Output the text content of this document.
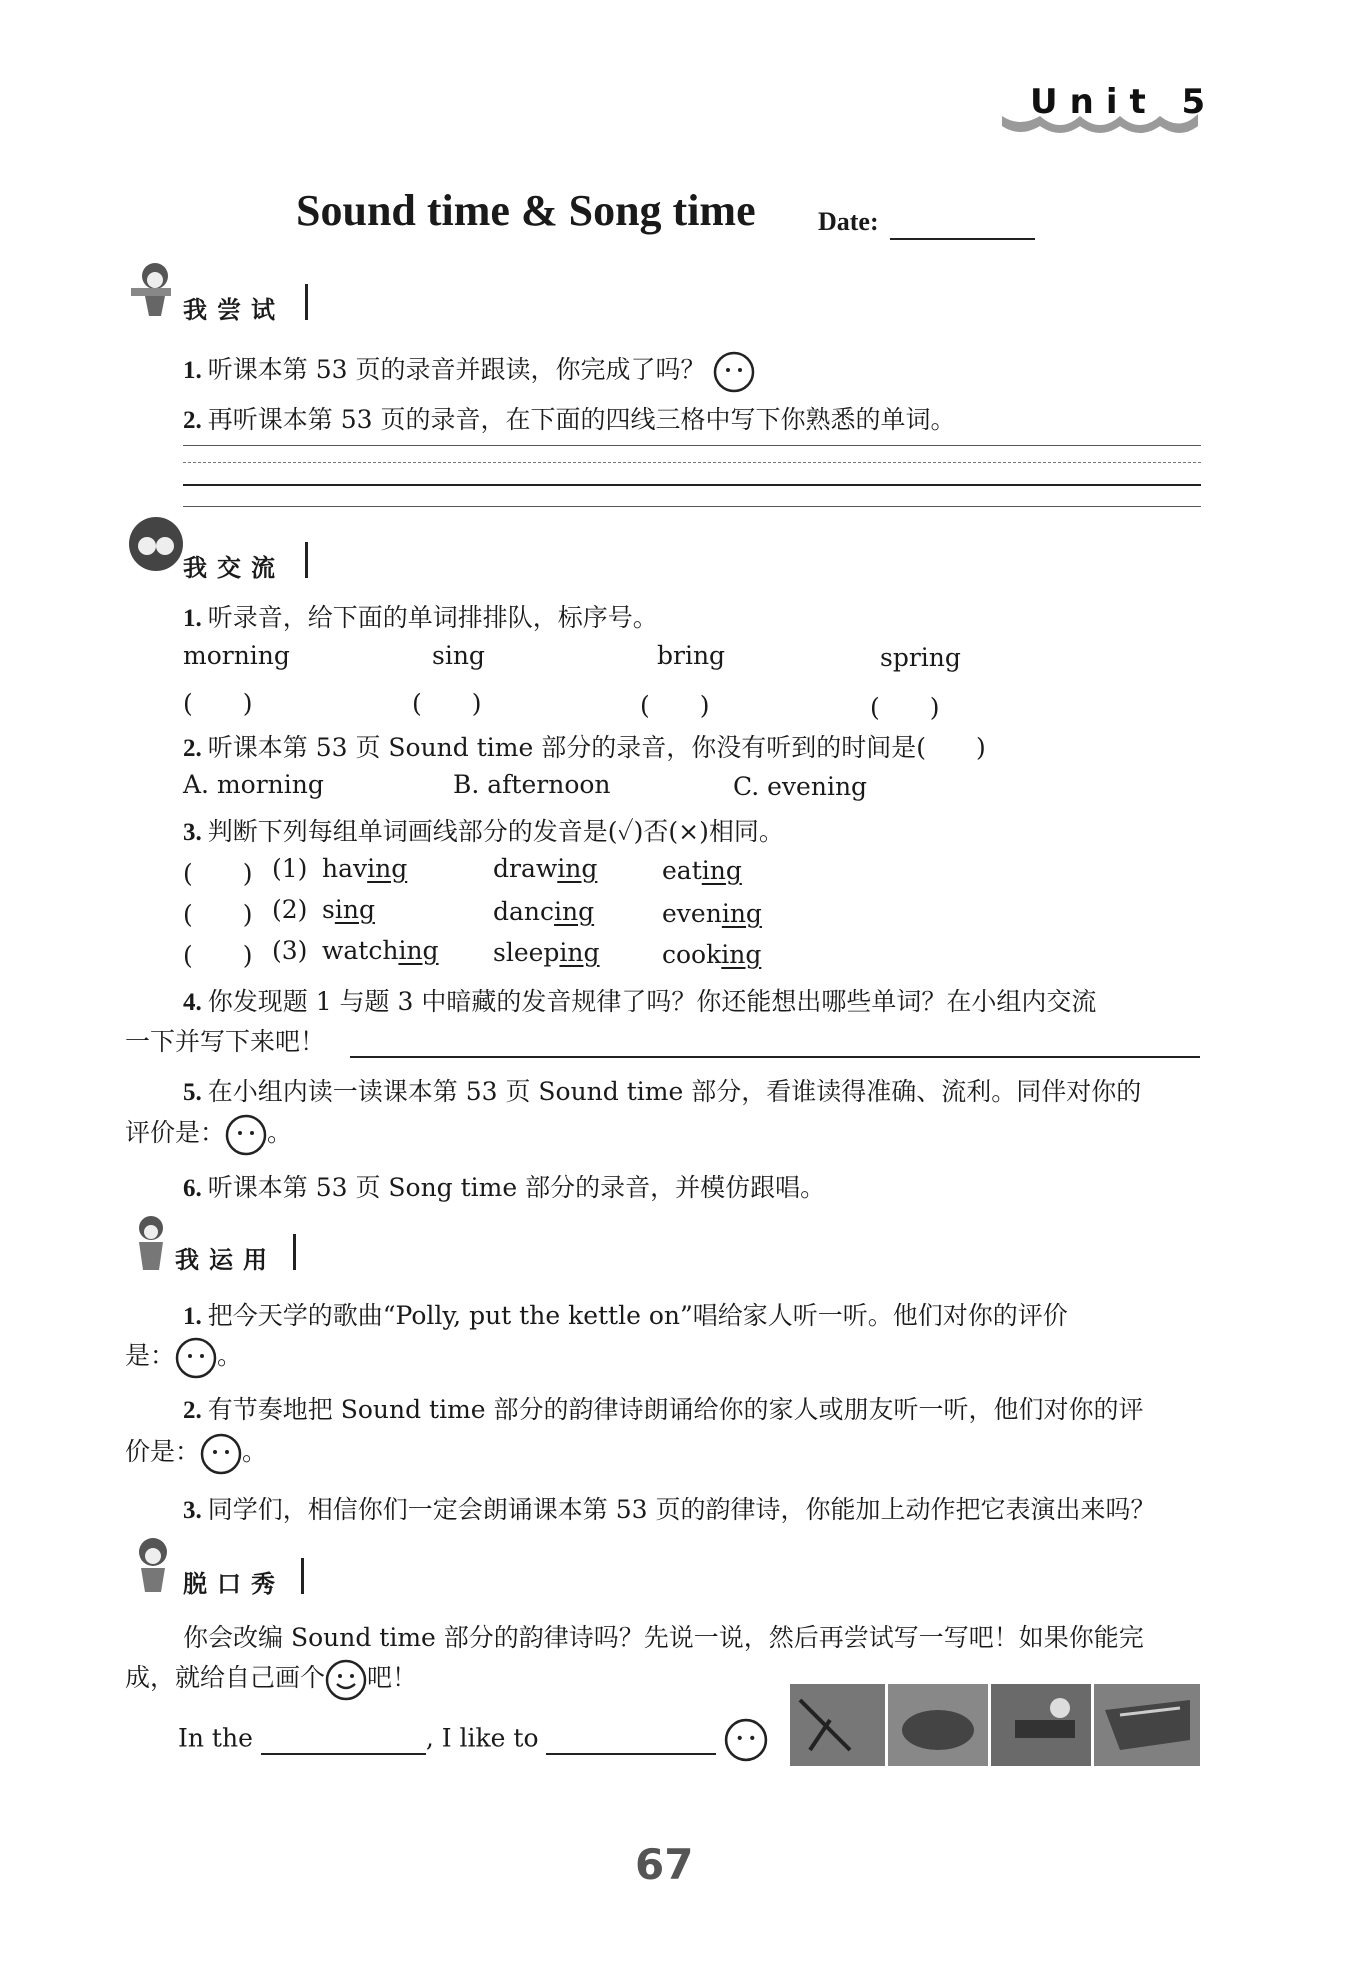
Unit 5
Sound time & Song time Date:
我尝试
1. 听课本第 53 页的录音并跟读，你完成了吗？
2. 再听课本第 53 页的录音，在下面的四线三格中写下你熟悉的单词。
我交流
1. 听录音，给下面的单词排排队，标序号。
morning	sing	bring	spring
(　　)	(　　)	(　　)	(　　)
2. 听课本第 53 页 Sound time 部分的录音，你没有听到的时间是(　　)
A. morning	B. afternoon	C. evening
3. 判断下列每组单词画线部分的发音是(✓)否(×)相同。
(　　) (1) having	drawing	eating
(　　) (2) sing	dancing	evening
(　　) (3) watching sleeping cooking
4. 你发现题 1 与题 3 中暗藏的发音规律了吗？你还能想出哪些单词？在小组内交流
一下并写下来吧！
5. 在小组内读一读课本第 53 页 Sound time 部分，看谁读得准确、流利。同伴对你的
评价是： 。
6. 听课本第 53 页 Song time 部分的录音，并模仿跟唱。
我运用
1. 把今天学的歌曲“Polly, put the kettle on”唱给家人听一听。他们对你的评价
是： 。
2. 有节奏地把 Sound time 部分的韵律诗朗诵给你的家人或朋友听一听，他们对你的评
价是： 。
3. 同学们，相信你们一定会朗诵课本第 53 页的韵律诗，你能加上动作把它表演出来吗？
脱口秀
你会改编 Sound time 部分的韵律诗吗？先说一说，然后再尝试写一写吧！如果你能完
成，就给自己画个 吧！
In the	, I like to
67
